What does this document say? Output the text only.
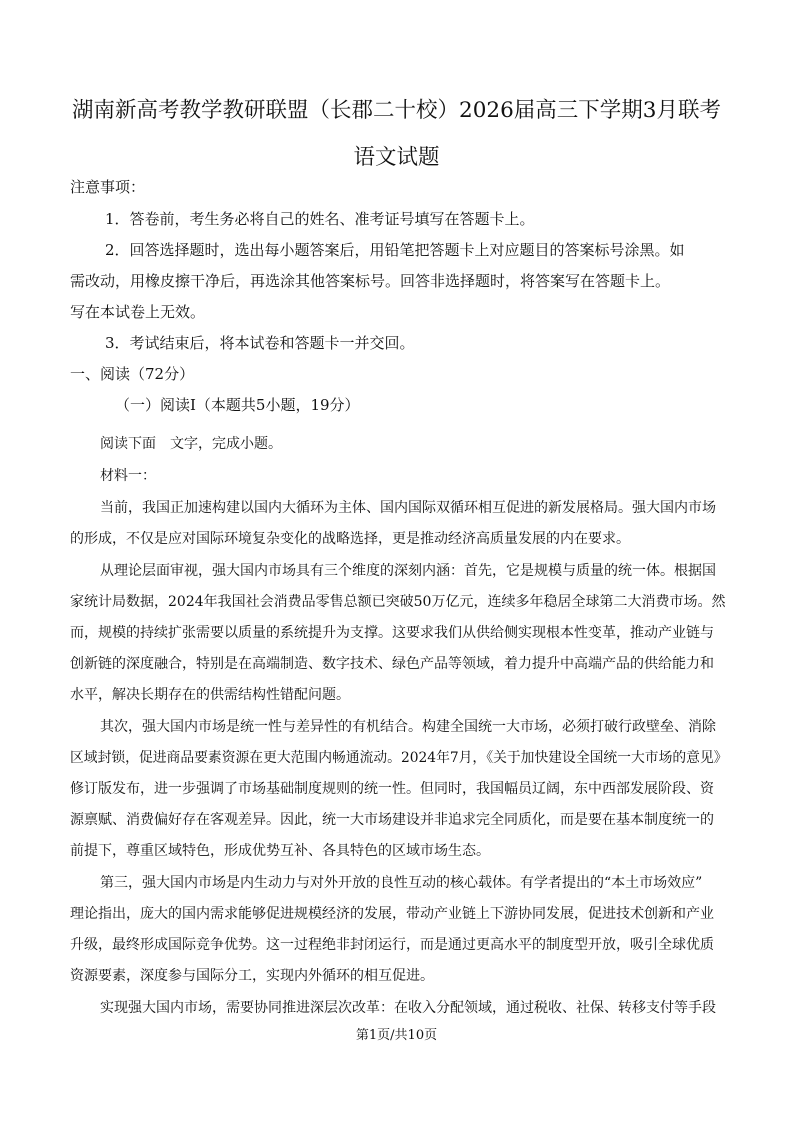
湖南新高考教学教研联盟（长郡二十校）2026届高三下学期3月联考
语文试题
注意事项：
1．答卷前，考生务必将自己的姓名、准考证号填写在答题卡上。
2．回答选择题时，选出每小题答案后，用铅笔把答题卡上对应题目的答案标号涂黑。如
需改动，用橡皮擦干净后，再选涂其他答案标号。回答非选择题时，将答案写在答题卡上。
写在本试卷上无效。
3．考试结束后，将本试卷和答题卡一并交回。
一、阅读（72分）
（一）阅读Ⅰ（本题共5小题，19分）
阅读下面　文字，完成小题。
材料一：
当前，我国正加速构建以国内大循环为主体、国内国际双循环相互促进的新发展格局。强大国内市场
的形成，不仅是应对国际环境复杂变化的战略选择，更是推动经济高质量发展的内在要求。
从理论层面审视，强大国内市场具有三个维度的深刻内涵：首先，它是规模与质量的统一体。根据国
家统计局数据，2024年我国社会消费品零售总额已突破50万亿元，连续多年稳居全球第二大消费市场。然
而，规模的持续扩张需要以质量的系统提升为支撑。这要求我们从供给侧实现根本性变革，推动产业链与
创新链的深度融合，特别是在高端制造、数字技术、绿色产品等领域，着力提升中高端产品的供给能力和
水平，解决长期存在的供需结构性错配问题。
其次，强大国内市场是统一性与差异性的有机结合。构建全国统一大市场，必须打破行政壁垒、消除
区域封锁，促进商品要素资源在更大范围内畅通流动。2024年7月，《关于加快建设全国统一大市场的意见》
修订版发布，进一步强调了市场基础制度规则的统一性。但同时，我国幅员辽阔，东中西部发展阶段、资
源禀赋、消费偏好存在客观差异。因此，统一大市场建设并非追求完全同质化，而是要在基本制度统一的
前提下，尊重区域特色，形成优势互补、各具特色的区域市场生态。
第三，强大国内市场是内生动力与对外开放的良性互动的核心载体。有学者提出的“本土市场效应”
理论指出，庞大的国内需求能够促进规模经济的发展，带动产业链上下游协同发展，促进技术创新和产业
升级，最终形成国际竞争优势。这一过程绝非封闭运行，而是通过更高水平的制度型开放，吸引全球优质
资源要素，深度参与国际分工，实现内外循环的相互促进。
实现强大国内市场，需要协同推进深层次改革：在收入分配领域，通过税收、社保、转移支付等手段
第1页/共10页
